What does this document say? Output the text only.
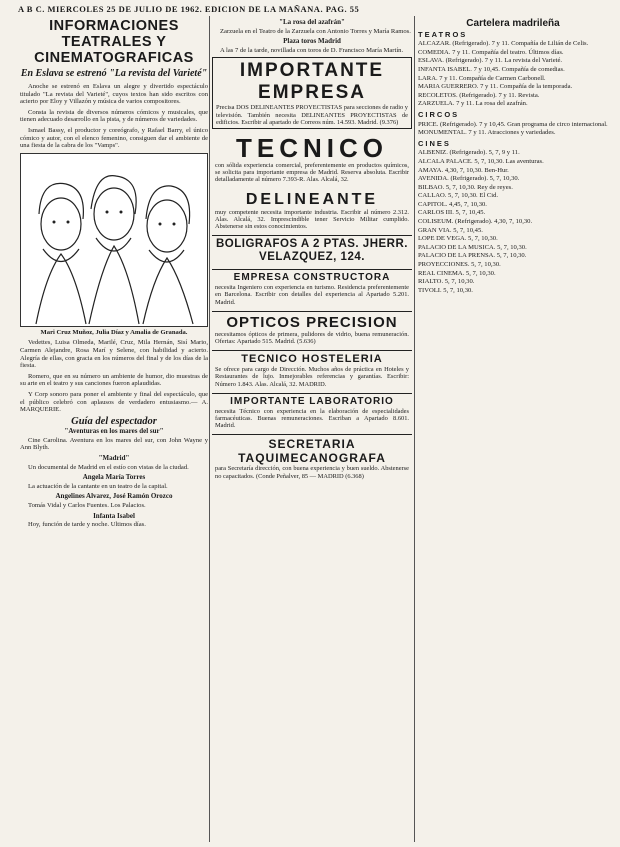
A B C. MIERCOLES 25 DE JULIO DE 1962. EDICION DE LA MAÑANA. PAG. 55
INFORMACIONES TEATRALES Y CINEMATOGRAFICAS
En Eslava se estrenó "La revista del Varieté"

Anoche se estrenó en Eslava un alegre y divertido espectáculo titulado "La revista del Varieté", cuyos textos han sido escritos con acierto por Eloy y Villazón y música de varios compositores.

Consta la revista de diversos números cómicos y musicales, que tienen adecuado desarrollo en la pista, y de números de variedades.

Ismael Bassy, el productor y coreógrafo, y Rafael Barry, el único cómico y autor, con el elenco femenino, consiguen dar el ambiente de una fiesta de la cabra de los "Vamps".

Mari Cruz Muñoz, Julia Díaz y Amalia de Granada.

Vedettes, Luisa Olmeda, Marilé, Cruz, Mila Hernán, Sisí Mario, Carmen Alejandre, Rosa Marí y Selene, con habilidad y acierto. Alegría de ellas, con gracia en los números del final y de los días de la fiesta.

Romero, que en su número un ambiente de humor, dio muestras de su arte en el teatro y sus canciones fueron aplaudidas.

Y Corp sonoro para poner el ambiente y final del espectáculo, que el público celebró con aplausos de verdadero entusiasmo.— A. MARQUERIE.

Guía del espectador
"Aventuras en los mares del sur"

Cine Carolina. Aventura en los mares del sur, con John Wayne y Ann Blyth.

"Madrid"

Un documental de Madrid en el estío con vistas de la ciudad.

Angela María Torres

La actuación de la cantante en un teatro de la capital.

Angelines Alvarez, José Ramón Orozco

Tomás Vidal y Carlos Fuentes. Los Palacios.

Infanta Isabel

Hoy, función de tarde y noche. Ultimos días.

"La rosa del azafrán"

Zarzuela en el Teatro de la Zarzuela con Antonio Torres y María Ramos.

Plaza toros Madrid

A las 7 de la tarde, novillada con toros de D. Francisco María Martín.

IMPORTANTE EMPRESA
Precisa DOS DELINEANTES PROYECTISTAS para secciones de radio y televisión. También necesita DELINEANTES PROYECTISTAS de edificios. Escribir al apartado de Correos núm. 14.593. Madrid. (9.376)
TECNICO
con sólida experiencia comercial, preferentemente en productos químicos, se solicita para importante empresa de Madrid. Reserva absoluta. Escribir detalladamente al número 7.393-R. Alas. Alcalá, 32.
DELINEANTE
muy competente necesita importante industria. Escribir al número 2.312. Alas. Alcalá, 32. Imprescindible tener Servicio Militar cumplido. Abstenerse sin estos conocimientos.
BOLIGRAFOS A 2 PTAS. JHERR. VELAZQUEZ, 124.
EMPRESA CONSTRUCTORA
necesita Ingeniero con experiencia en turismo. Residencia preferentemente en Barcelona. Escribir con detalles del experiencia al Apartado 5.201. Madrid.
OPTICOS PRECISION
necesitamos ópticos de primera, pulidores de vidrio, buena remuneración. Ofertas: Apartado 515. Madrid. (5.636)
TECNICO HOSTELERIA
Se ofrece para cargo de Dirección. Muchos años de práctica en Hoteles y Restaurantes de lujo. Inmejorables referencias y garantías. Escribir: Número 1.843. Alas. Alcalá, 32. MADRID.
IMPORTANTE LABORATORIO
necesita Técnico con experiencia en la elaboración de especialidades farmacéuticas. Buenas remuneraciones. Escriban a Apartado 8.601. Madrid.
SECRETARIA TAQUIMECANOGRAFA
para Secretaría dirección, con buena experiencia y buen sueldo. Abstenerse no capacitados. (Conde Peñalver, 85 — MADRID (6.368)
Cartelera madrileña
TEATROS

ALCAZAR. (Refrigerado). 7 y 11. Compañía de Lilián de Celis.

COMEDIA. 7 y 11. Compañía del teatro. Últimos días.

ESLAVA. (Refrigerado). 7 y 11. La revista del Varieté.

INFANTA ISABEL. 7 y 10,45. Compañía de comedias.

LARA. 7 y 11. Compañía de Carmen Carbonell.

MARIA GUERRERO. 7 y 11. Compañía de la temporada.

RECOLETOS. (Refrigerado). 7 y 11. Revista.

ZARZUELA. 7 y 11. La rosa del azafrán.

CIRCOS

PRICE. (Refrigerado). 7 y 10,45. Gran programa de circo internacional.

MONUMENTAL. 7 y 11. Atracciones y variedades.

CINES

ALBENIZ. (Refrigerado). 5, 7, 9 y 11.

ALCALA PALACE. 5, 7, 10,30. Las aventuras.

AMAYA. 4,30, 7, 10,30. Ben-Hur.

AVENIDA. (Refrigerado). 5, 7, 10,30.

BILBAO. 5, 7, 10,30. Rey de reyes.

CALLAO. 5, 7, 10,30. El Cid.

CAPITOL. 4,45, 7, 10,30.

CARLOS III. 5, 7, 10,45.

COLISEUM. (Refrigerado). 4,30, 7, 10,30.

GRAN VIA. 5, 7, 10,45.

LOPE DE VEGA. 5, 7, 10,30.

PALACIO DE LA MUSICA. 5, 7, 10,30.

PALACIO DE LA PRENSA. 5, 7, 10,30.

PROYECCIONES. 5, 7, 10,30.

REAL CINEMA. 5, 7, 10,30.

RIALTO. 5, 7, 10,30.

TIVOLI. 5, 7, 10,30.
